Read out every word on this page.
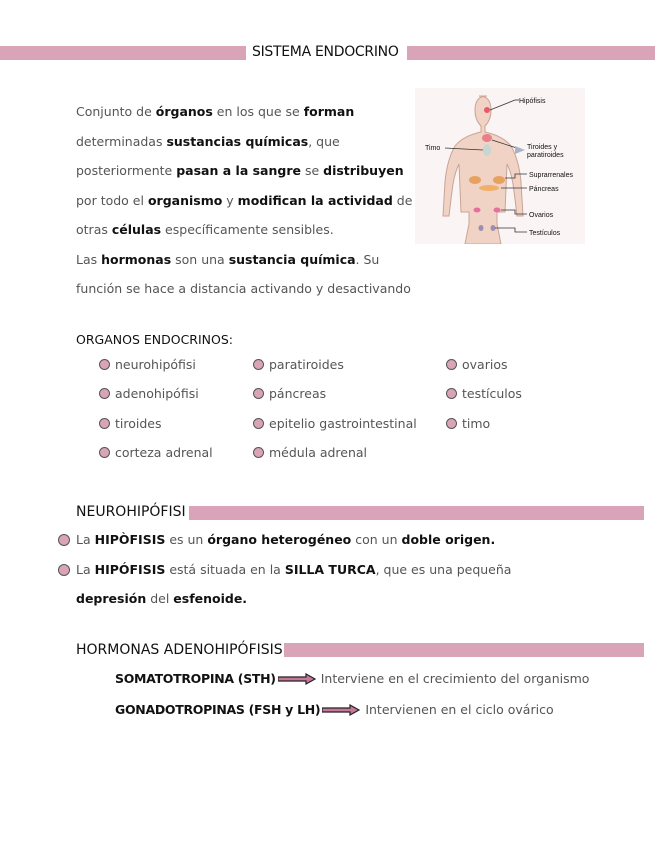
SISTEMA ENDOCRINO
Conjunto de órganos en los que se forman determinadas sustancias químicas, que posteriormente pasan a la sangre se distribuyen por todo el organismo y modifican la actividad de otras células específicamente sensibles.
Las hormonas son una sustancia química. Su función se hace a distancia activando y desactivando
Hipófisis
Timo	Tiroides y
paratiroides
Suprarrenales
Páncreas
Ovarios
Testículos
ORGANOS ENDOCRINOS:
neurohipófisi
adenohipófisi
tiroides
corteza adrenal
paratiroides
páncreas
epitelio gastrointestinal
médula adrenal
ovarios
testículos
timo
NEUROHIPÓFISI
La HIPÒFISIS es un órgano heterogéneo con un doble origen.
La HIPÓFISIS está situada en la SILLA TURCA, que es una pequeña depresión del esfenoide.
HORMONAS ADENOHIPÓFISIS
SOMATOTROPINA (STH)	Interviene en el crecimiento del organismo
GONADOTROPINAS (FSH y LH)	Intervienen en el ciclo ovárico
